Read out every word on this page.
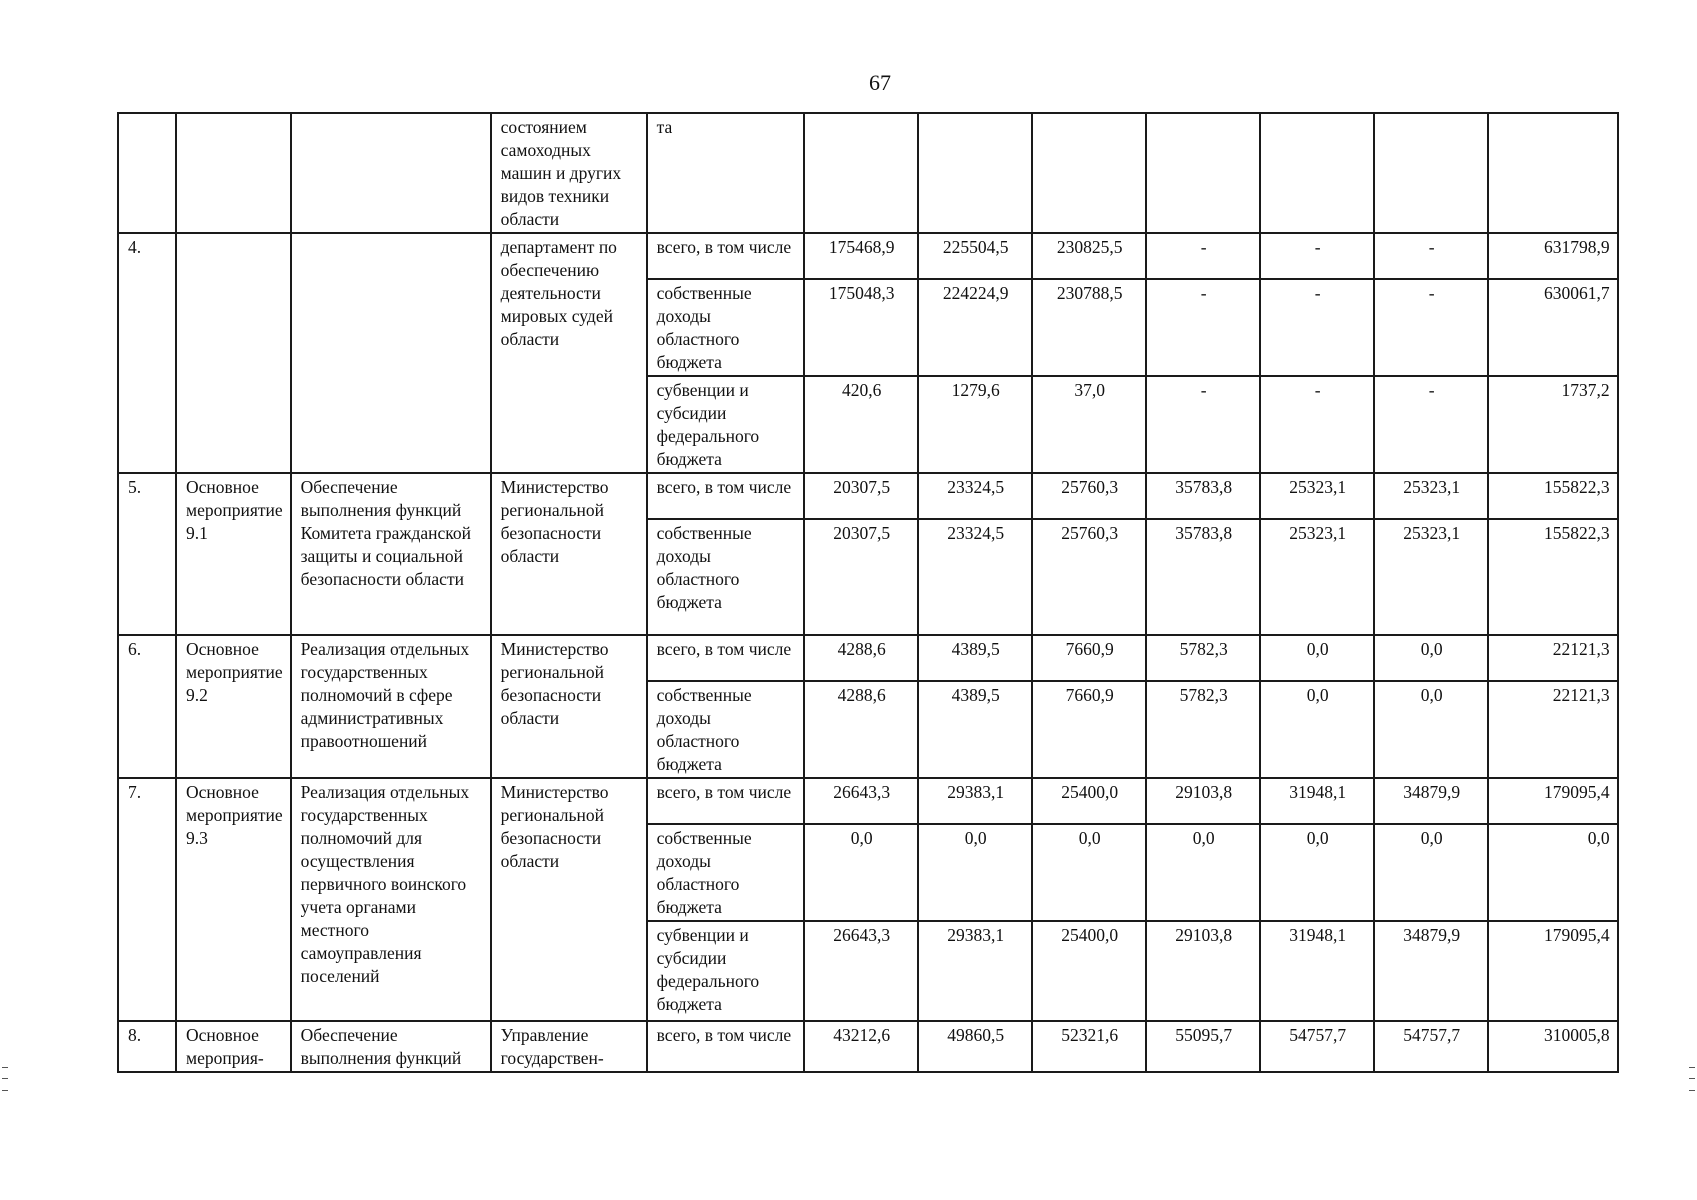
67
			состоянием самоходных машин и других видов техники области	та							
4.			департамент по обеспечению деятельности мировых судей области	всего, в том числе	175468,9	225504,5	230825,5	-	-	-	631798,9
				собственные доходы областного бюджета	175048,3	224224,9	230788,5	-	-	-	630061,7
				субвенции и субсидии федерального бюджета	420,6	1279,6	37,0	-	-	-	1737,2
5.	Основное мероприятие 9.1	Обеспечение выполнения функций Комитета гражданской защиты и социальной безопасности области	Министерство региональной безопасности области	всего, в том числе	20307,5	23324,5	25760,3	35783,8	25323,1	25323,1	155822,3
				собственные доходы областного бюджета	20307,5	23324,5	25760,3	35783,8	25323,1	25323,1	155822,3
6.	Основное мероприятие 9.2	Реализация отдельных государственных полномочий в сфере административных правоотношений	Министерство региональной безопасности области	всего, в том числе	4288,6	4389,5	7660,9	5782,3	0,0	0,0	22121,3
				собственные доходы областного бюджета	4288,6	4389,5	7660,9	5782,3	0,0	0,0	22121,3
7.	Основное мероприятие 9.3	Реализация отдельных государственных полномочий для осуществления первичного воинского учета органами местного самоуправления поселений	Министерство региональной безопасности области	всего, в том числе	26643,3	29383,1	25400,0	29103,8	31948,1	34879,9	179095,4
				собственные доходы областного бюджета	0,0	0,0	0,0	0,0	0,0	0,0	0,0
				субвенции и субсидии федерального бюджета	26643,3	29383,1	25400,0	29103,8	31948,1	34879,9	179095,4
8.	Основное мероприя-	Обеспечение выполнения функций	Управление государствен-	всего, в том числе	43212,6	49860,5	52321,6	55095,7	54757,7	54757,7	310005,8
